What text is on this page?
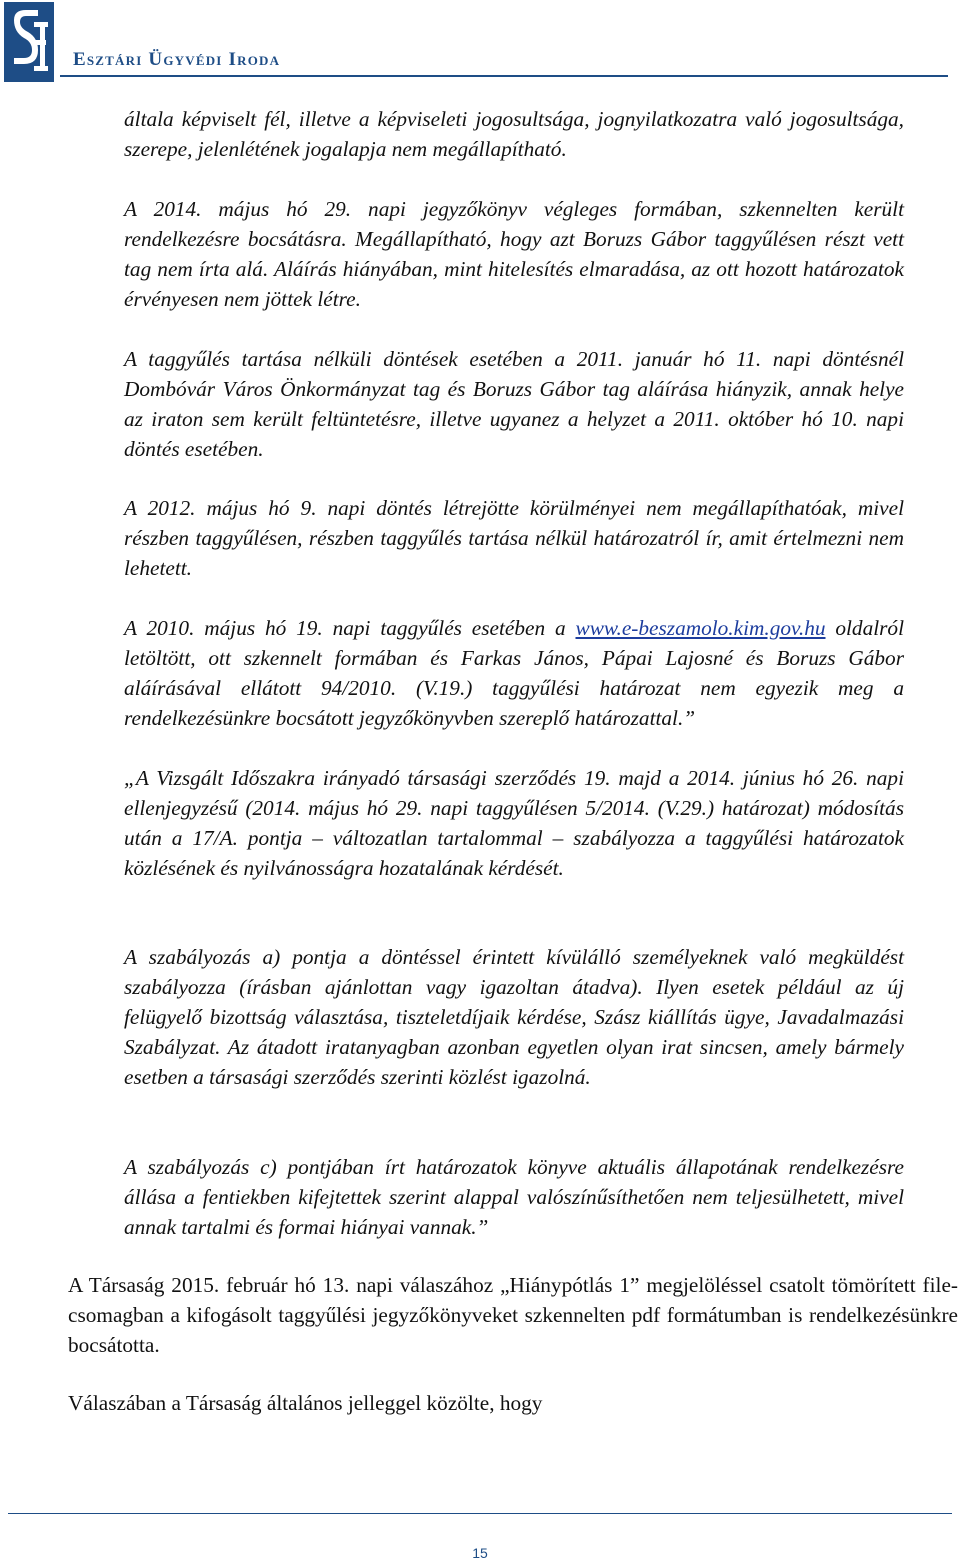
Esztári Ügyvédi Iroda
általa képviselt fél, illetve a képviseleti jogosultsága, jognyilatkozatra való jogosultsága, szerepe, jelenlétének jogalapja nem megállapítható.
A 2014. május hó 29. napi jegyzőkönyv végleges formában, szkennelten került rendelkezésre bocsátásra. Megállapítható, hogy azt Boruzs Gábor taggyűlésen részt vett tag nem írta alá. Aláírás hiányában, mint hitelesítés elmaradása, az ott hozott határozatok érvényesen nem jöttek létre.
A taggyűlés tartása nélküli döntések esetében a 2011. január hó 11. napi döntésnél Dombóvár Város Önkormányzat tag és Boruzs Gábor tag aláírása hiányzik, annak helye az iraton sem került feltüntetésre, illetve ugyanez a helyzet a 2011. október hó 10. napi döntés esetében.
A 2012. május hó 9. napi döntés létrejötte körülményei nem megállapíthatóak, mivel részben taggyűlésen, részben taggyűlés tartása nélkül határozatról ír, amit értelmezni nem lehetett.
A 2010. május hó 19. napi taggyűlés esetében a www.e-beszamolo.kim.gov.hu oldalról letöltött, ott szkennelt formában és Farkas János, Pápai Lajosné és Boruzs Gábor aláírásával ellátott 94/2010. (V.19.) taggyűlési határozat nem egyezik meg a rendelkezésünkre bocsátott jegyzőkönyvben szereplő határozattal.”
„A Vizsgált Időszakra irányadó társasági szerződés 19. majd a 2014. június hó 26. napi ellenjegyzésű (2014. május hó 29. napi taggyűlésen 5/2014. (V.29.) határozat) módosítás után a 17/A. pontja – változatlan tartalommal – szabályozza a taggyűlési határozatok közlésének és nyilvánosságra hozatalának kérdését.
A szabályozás a) pontja a döntéssel érintett kívülálló személyeknek való megküldést szabályozza (írásban ajánlottan vagy igazoltan átadva). Ilyen esetek például az új felügyelő bizottság választása, tiszteletdíjaik kérdése, Szász kiállítás ügye, Javadalmazási Szabályzat. Az átadott iratanyagban azonban egyetlen olyan irat sincsen, amely bármely esetben a társasági szerződés szerinti közlést igazolná.
A szabályozás c) pontjában írt határozatok könyve aktuális állapotának rendelkezésre állása a fentiekben kifejtettek szerint alappal valószínűsíthetően nem teljesülhetett, mivel annak tartalmi és formai hiányai vannak.”
A Társaság 2015. február hó 13. napi válaszához „Hiánypótlás 1” megjelöléssel csatolt tömörített file-csomagban a kifogásolt taggyűlési jegyzőkönyveket szkennelten pdf formátumban is rendelkezésünkre bocsátotta.
Válaszában a Társaság általános jelleggel közölte, hogy
15
